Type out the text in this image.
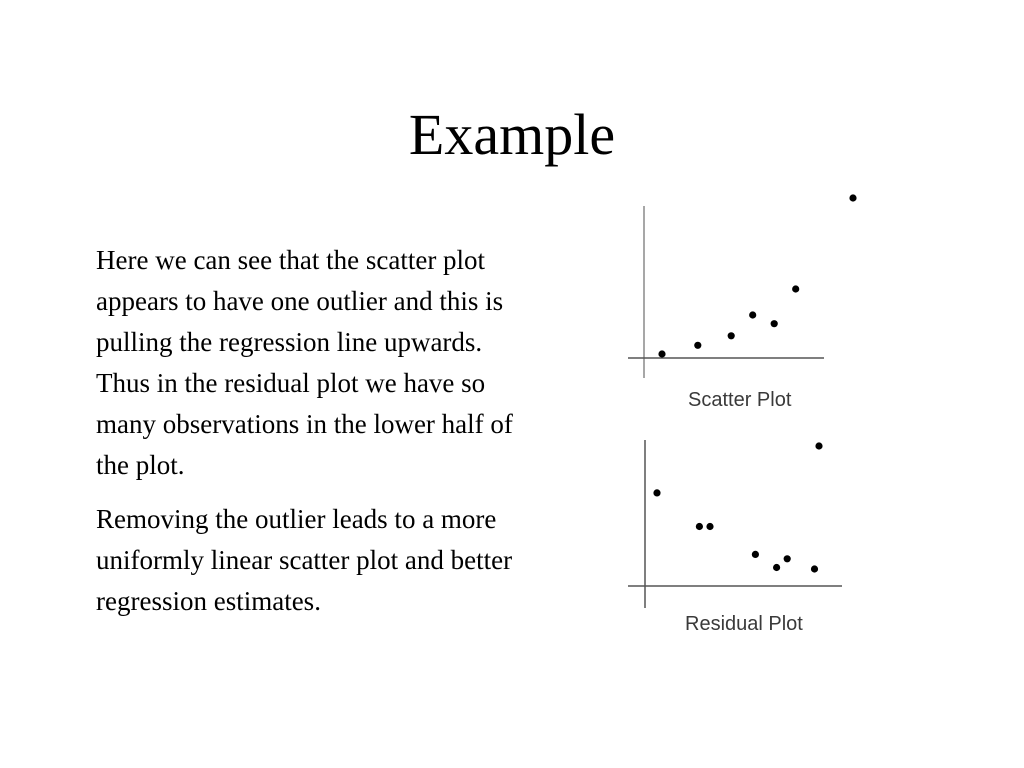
Example

Here we can see that the scatter plot appears to have one outlier and this is pulling the regression line upwards. Thus in the residual plot we have so many observations in the lower half of the plot.

Removing the outlier leads to a more uniformly linear scatter plot and better regression estimates.

Scatter Plot
Residual Plot
